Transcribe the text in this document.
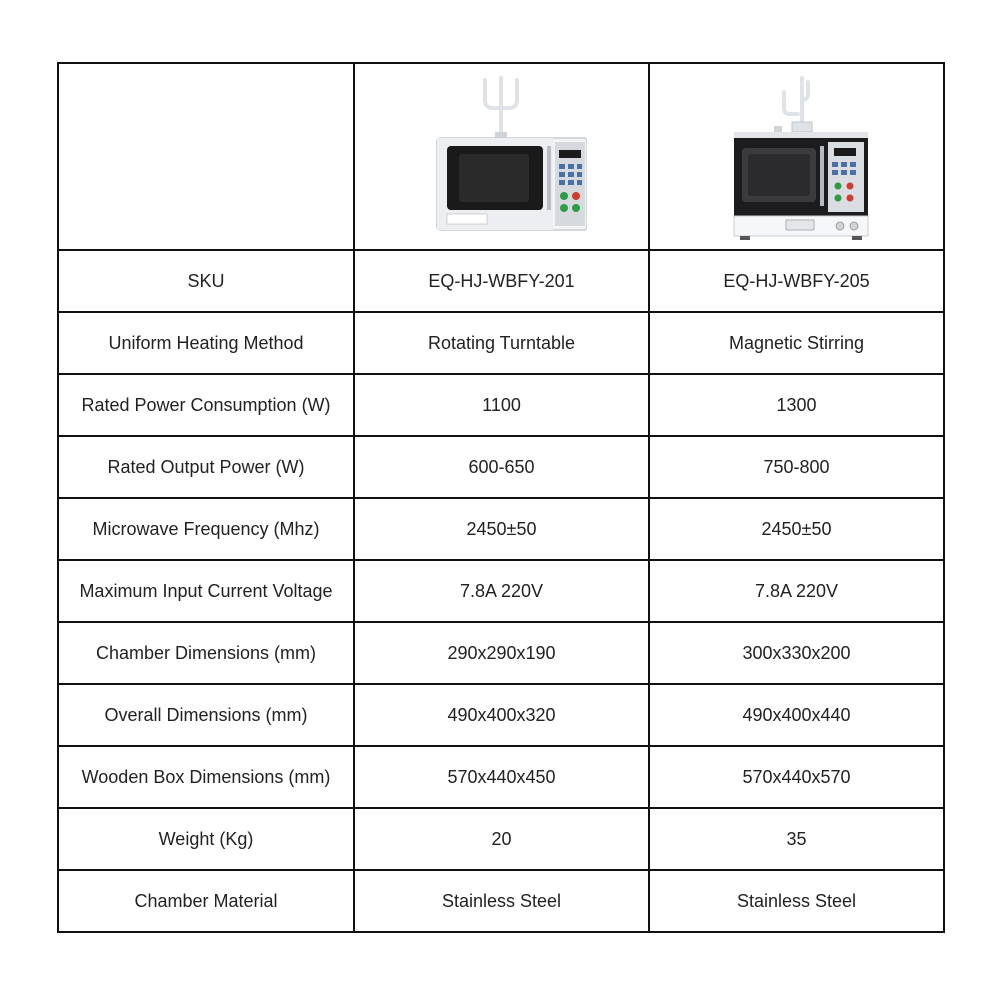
SKU	EQ-HJ-WBFY-201	EQ-HJ-WBFY-205
Uniform Heating Method	Rotating Turntable	Magnetic Stirring
Rated Power Consumption (W)	1100	1300
Rated Output Power (W)	600-650	750-800
Microwave Frequency (Mhz)	2450±50	2450±50
Maximum Input Current Voltage	7.8A 220V	7.8A 220V
Chamber Dimensions (mm)	290x290x190	300x330x200
Overall Dimensions (mm)	490x400x320	490x400x440
Wooden Box Dimensions (mm)	570x440x450	570x440x570
Weight (Kg)	20	35
Chamber Material	Stainless Steel	Stainless Steel
